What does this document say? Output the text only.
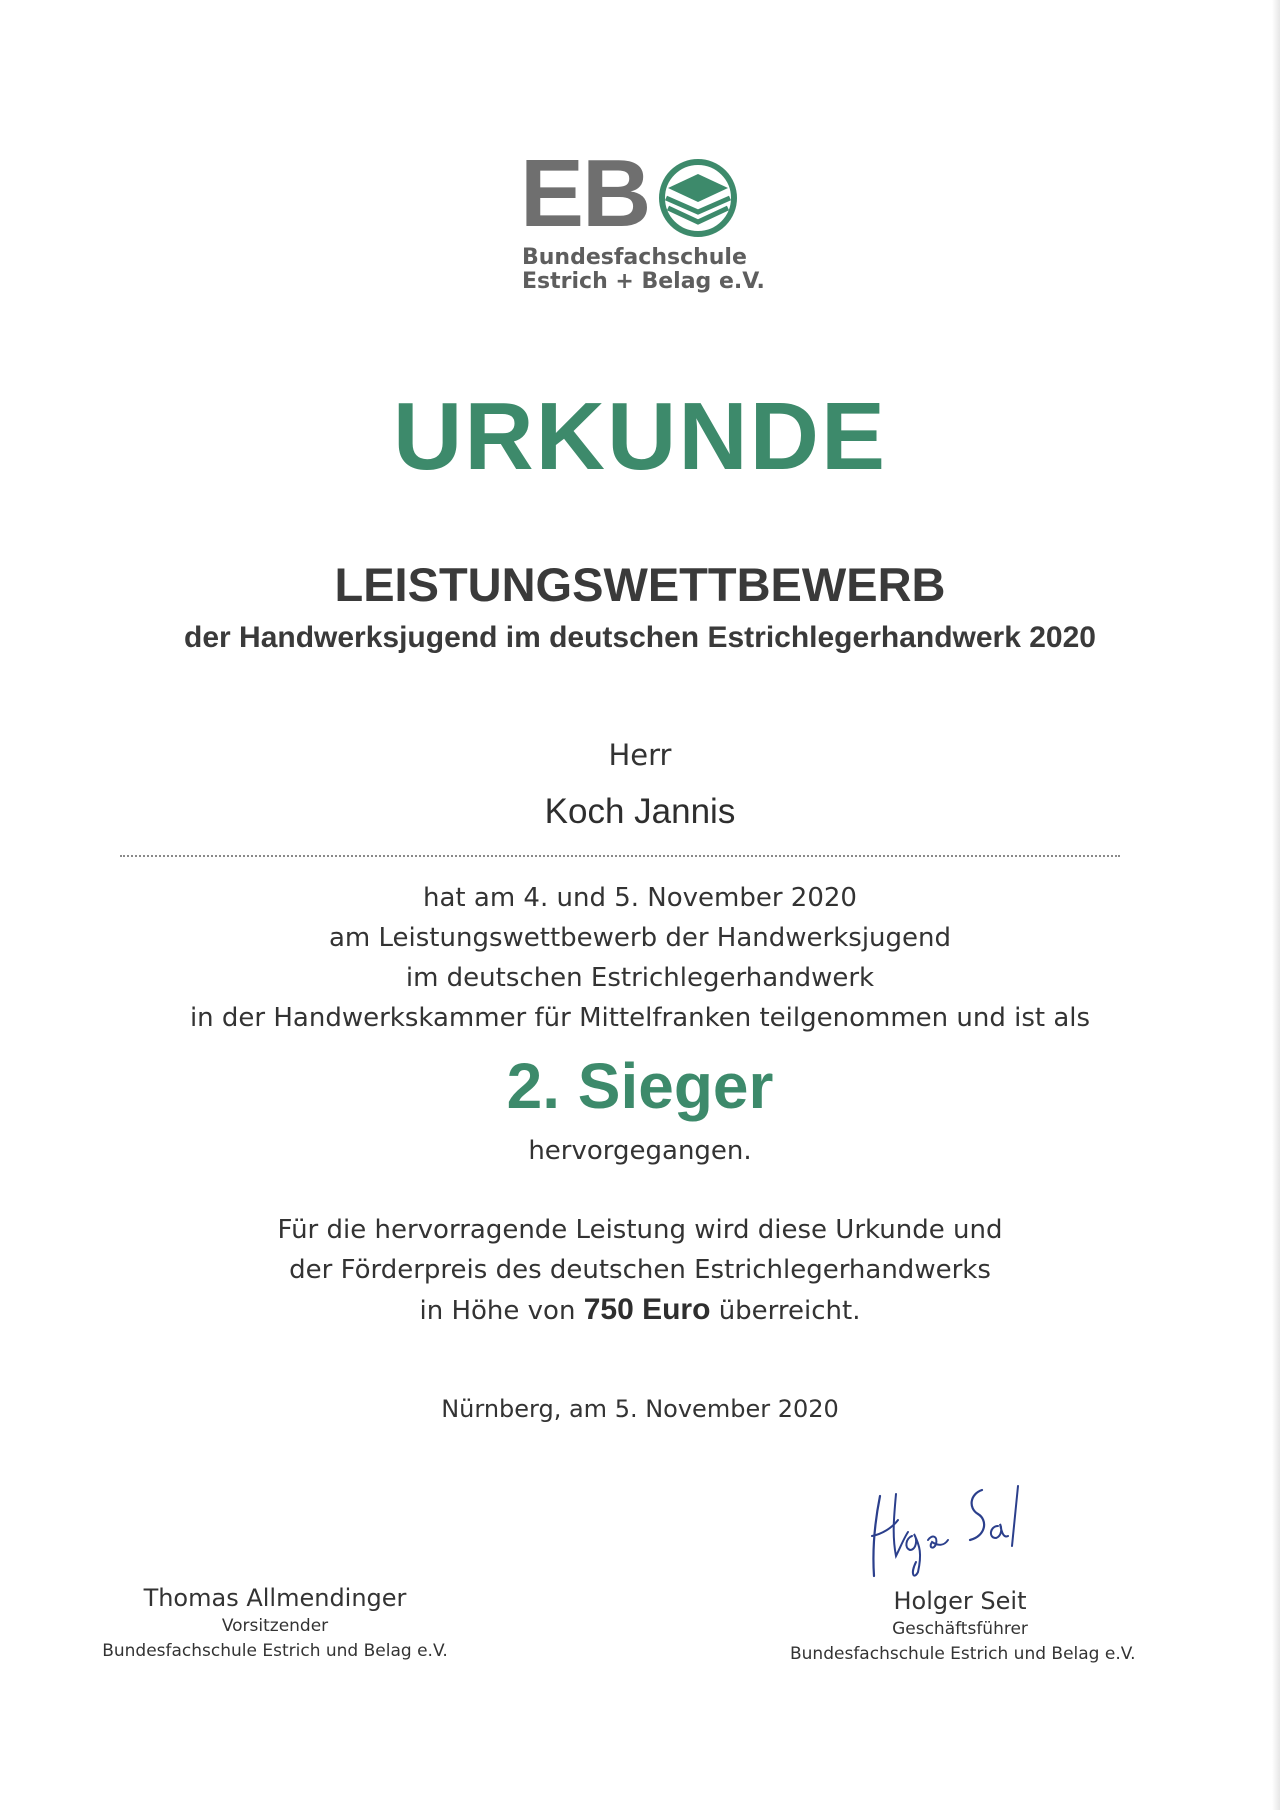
EB
Bundesfachschule
Estrich + Belag e.V.
URKUNDE
LEISTUNGSWETTBEWERB
der Handwerksjugend im deutschen Estrichlegerhandwerk 2020
Herr
Koch Jannis
hat am 4. und 5. November 2020
am Leistungswettbewerb der Handwerksjugend
im deutschen Estrichlegerhandwerk
in der Handwerkskammer für Mittelfranken teilgenommen und ist als
2. Sieger
hervorgegangen.
Für die hervorragende Leistung wird diese Urkunde und
der Förderpreis des deutschen Estrichlegerhandwerks
in Höhe von 750 Euro überreicht.
Nürnberg, am 5. November 2020
Thomas Allmendinger
Vorsitzender
Bundesfachschule Estrich und Belag e.V.
Holger Seit
Geschäftsführer
Bundesfachschule Estrich und Belag e.V.
